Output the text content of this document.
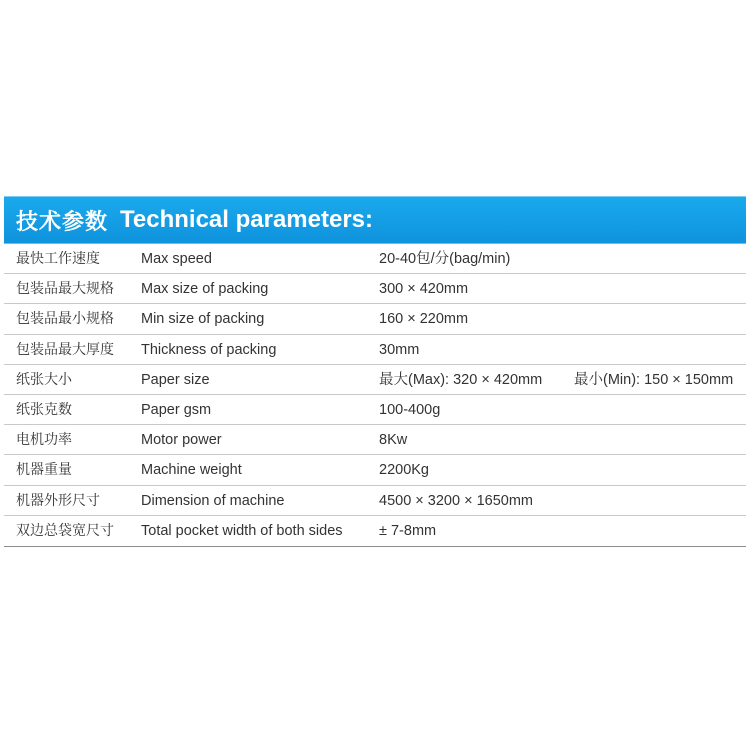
技术参数 Technical parameters:
最快工作速度	Max speed	20-40包/分(bag/min)
包装品最大规格 Max size of packing	300 × 420mm
包装品最小规格 Min size of packing	160 × 220mm
包装品最大厚度 Thickness of packing	30mm
纸张大小	Paper size	最大(Max): 320 × 420mm 最小(Min): 150 × 150mm
纸张克数	Paper gsm	100-400g
电机功率	Motor power	8Kw
机器重量	Machine weight	2200Kg
机器外形尺寸	Dimension of machine	4500 × 3200 × 1650mm
双边总袋宽尺寸 Total pocket width of both sides	± 7-8mm
